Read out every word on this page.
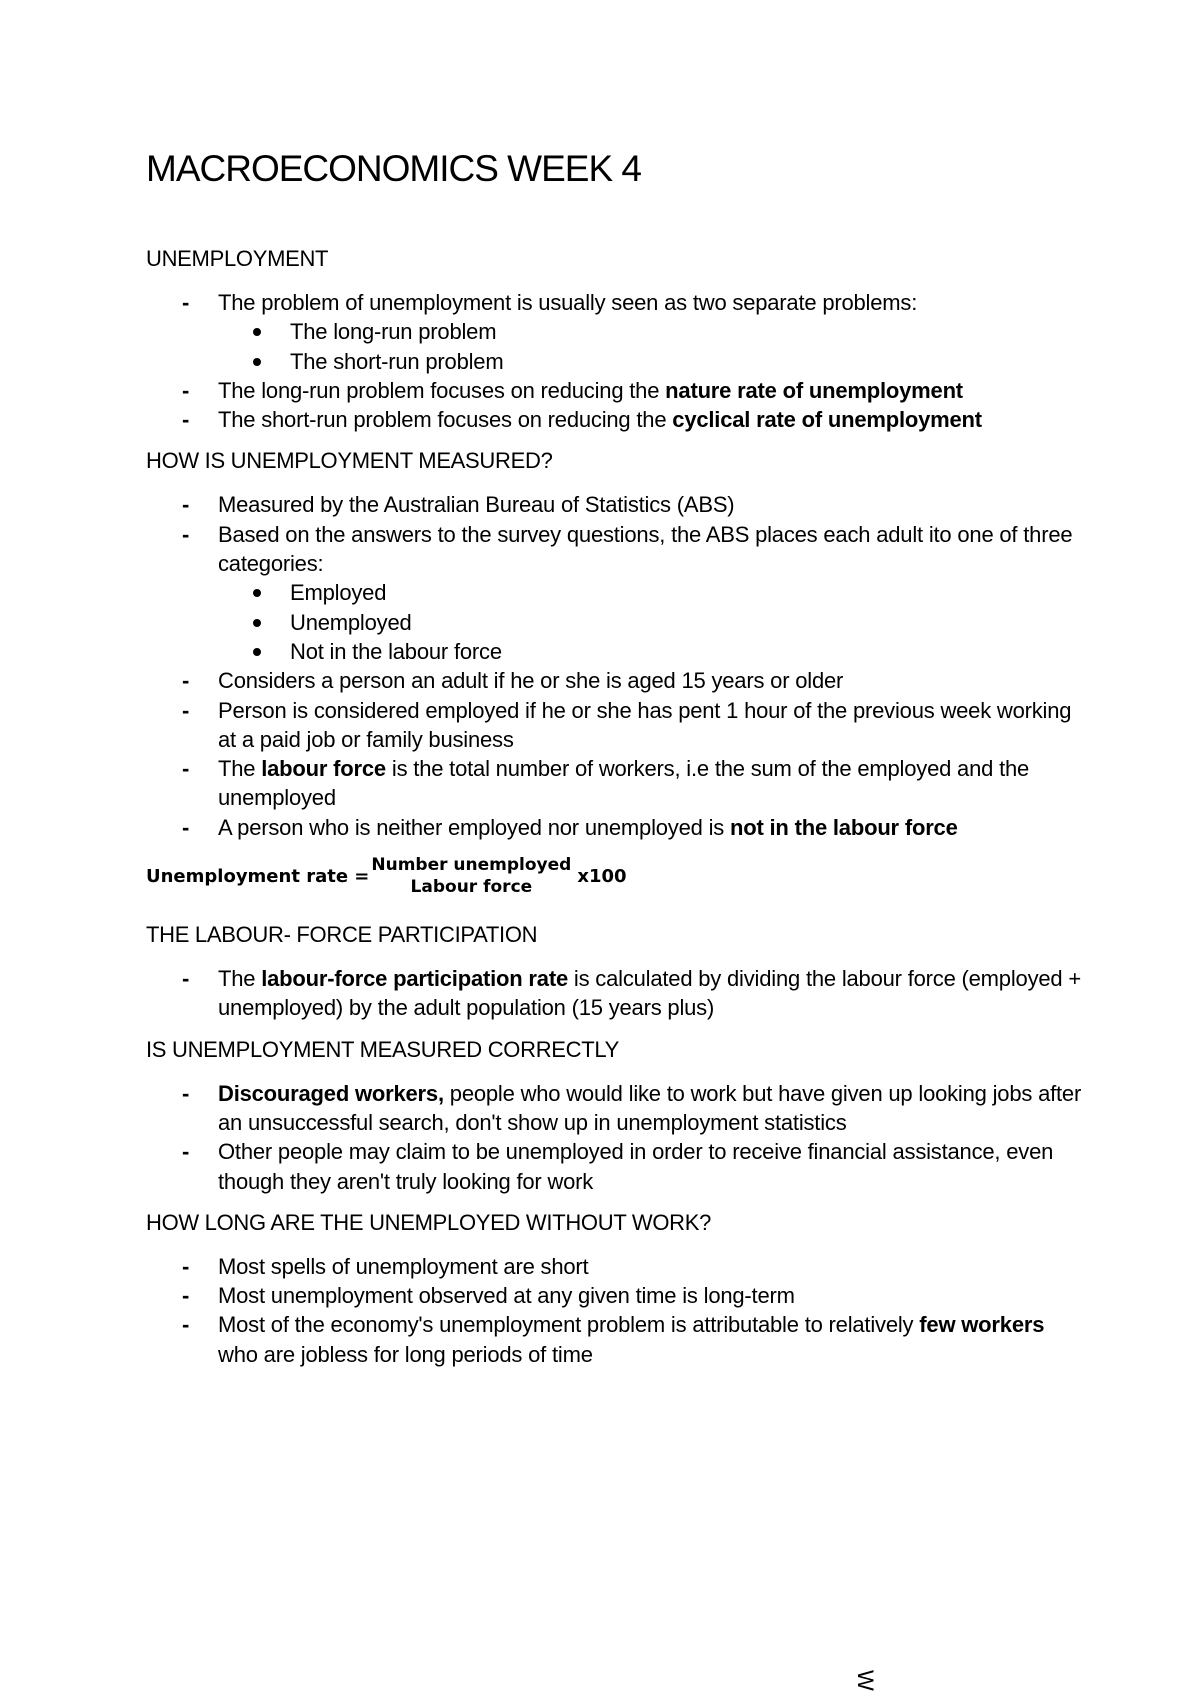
MACROECONOMICS WEEK 4
UNEMPLOYMENT
- The problem of unemployment is usually seen as two separate problems:
The long-run problem
The short-run problem
- The long-run problem focuses on reducing the nature rate of unemployment
- The short-run problem focuses on reducing the cyclical rate of unemployment
HOW IS UNEMPLOYMENT MEASURED?
- Measured by the Australian Bureau of Statistics (ABS)
- Based on the answers to the survey questions, the ABS places each adult ito one of three categories:
Employed
Unemployed
Not in the labour force
- Considers a person an adult if he or she is aged 15 years or older
- Person is considered employed if he or she has pent 1 hour of the previous week working at a paid job or family business
- The labour force is the total number of workers, i.e the sum of the employed and the unemployed
- A person who is neither employed nor unemployed is not in the labour force
Unemployment rate =
Number unemployed
Labour force
x100
THE LABOUR- FORCE PARTICIPATION
- The labour-force participation rate is calculated by dividing the labour force (employed + unemployed) by the adult population (15 years plus)
IS UNEMPLOYMENT MEASURED CORRECTLY
- Discouraged workers, people who would like to work but have given up looking jobs after an unsuccessful search, don't show up in unemployment statistics
- Other people may claim to be unemployed in order to receive financial assistance, even though they aren't truly looking for work
HOW LONG ARE THE UNEMPLOYED WITHOUT WORK?
- Most spells of unemployment are short
- Most unemployment observed at any given time is long-term
- Most of the economy's unemployment problem is attributable to relatively few workers who are jobless for long periods of time
W
